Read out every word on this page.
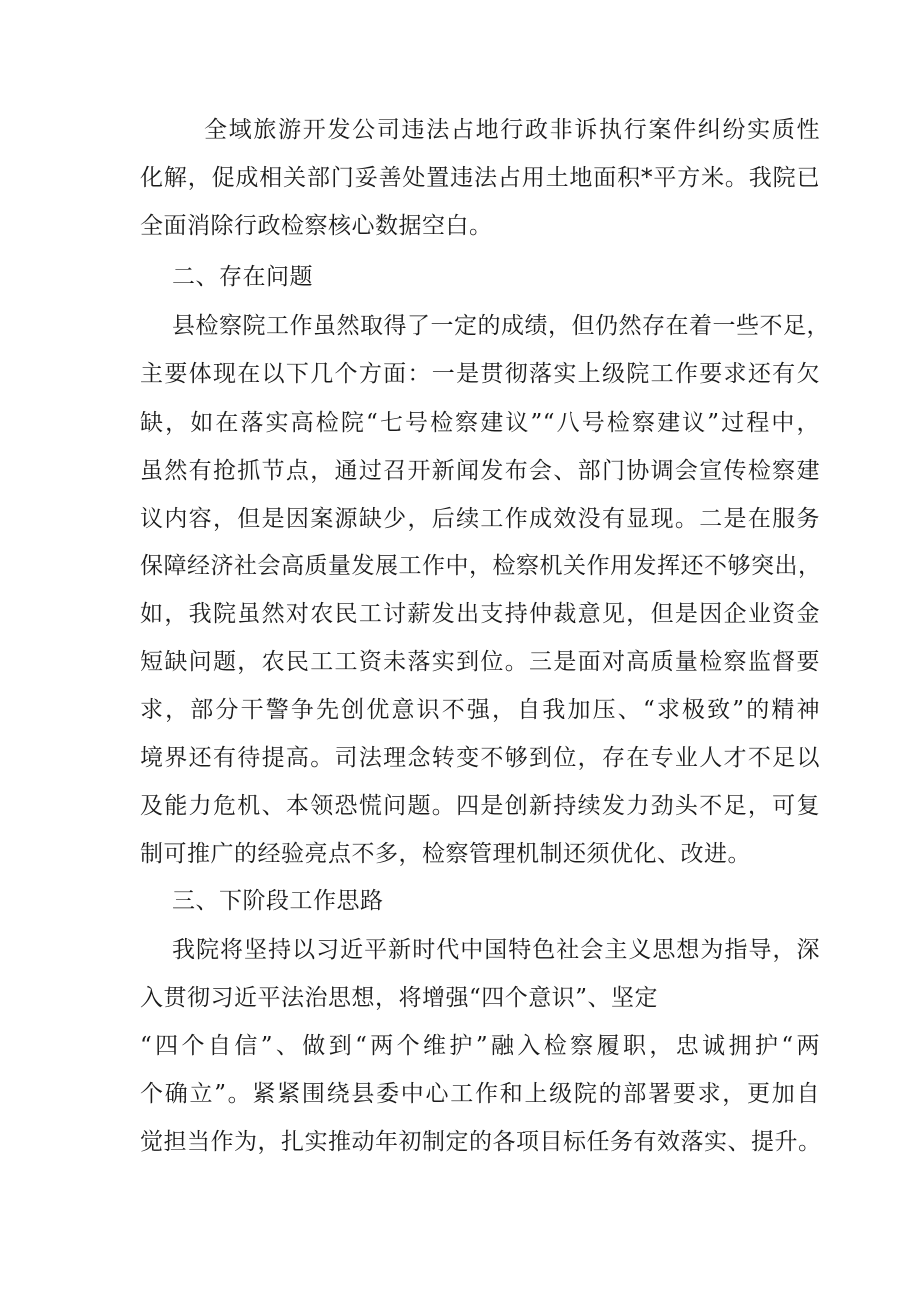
全域旅游开发公司违法占地行政非诉执行案件纠纷实质性
化解，促成相关部门妥善处置违法占用土地面积*平方米。我院已
全面消除行政检察核心数据空白。
二、存在问题
县检察院工作虽然取得了一定的成绩，但仍然存在着一些不足，
主要体现在以下几个方面：一是贯彻落实上级院工作要求还有欠
缺，如在落实高检院“七号检察建议”“八号检察建议”过程中，
虽然有抢抓节点，通过召开新闻发布会、部门协调会宣传检察建
议内容，但是因案源缺少，后续工作成效没有显现。二是在服务
保障经济社会高质量发展工作中，检察机关作用发挥还不够突出，
如，我院虽然对农民工讨薪发出支持仲裁意见，但是因企业资金
短缺问题，农民工工资未落实到位。三是面对高质量检察监督要
求，部分干警争先创优意识不强，自我加压、“求极致”的精神
境界还有待提高。司法理念转变不够到位，存在专业人才不足以
及能力危机、本领恐慌问题。四是创新持续发力劲头不足，可复
制可推广的经验亮点不多，检察管理机制还须优化、改进。
三、下阶段工作思路
我院将坚持以习近平新时代中国特色社会主义思想为指导，深
入贯彻习近平法治思想，将增强“四个意识”、坚定
“四个自信”、做到“两个维护”融入检察履职，忠诚拥护“两
个确立”。紧紧围绕县委中心工作和上级院的部署要求，更加自
觉担当作为，扎实推动年初制定的各项目标任务有效落实、提升。
